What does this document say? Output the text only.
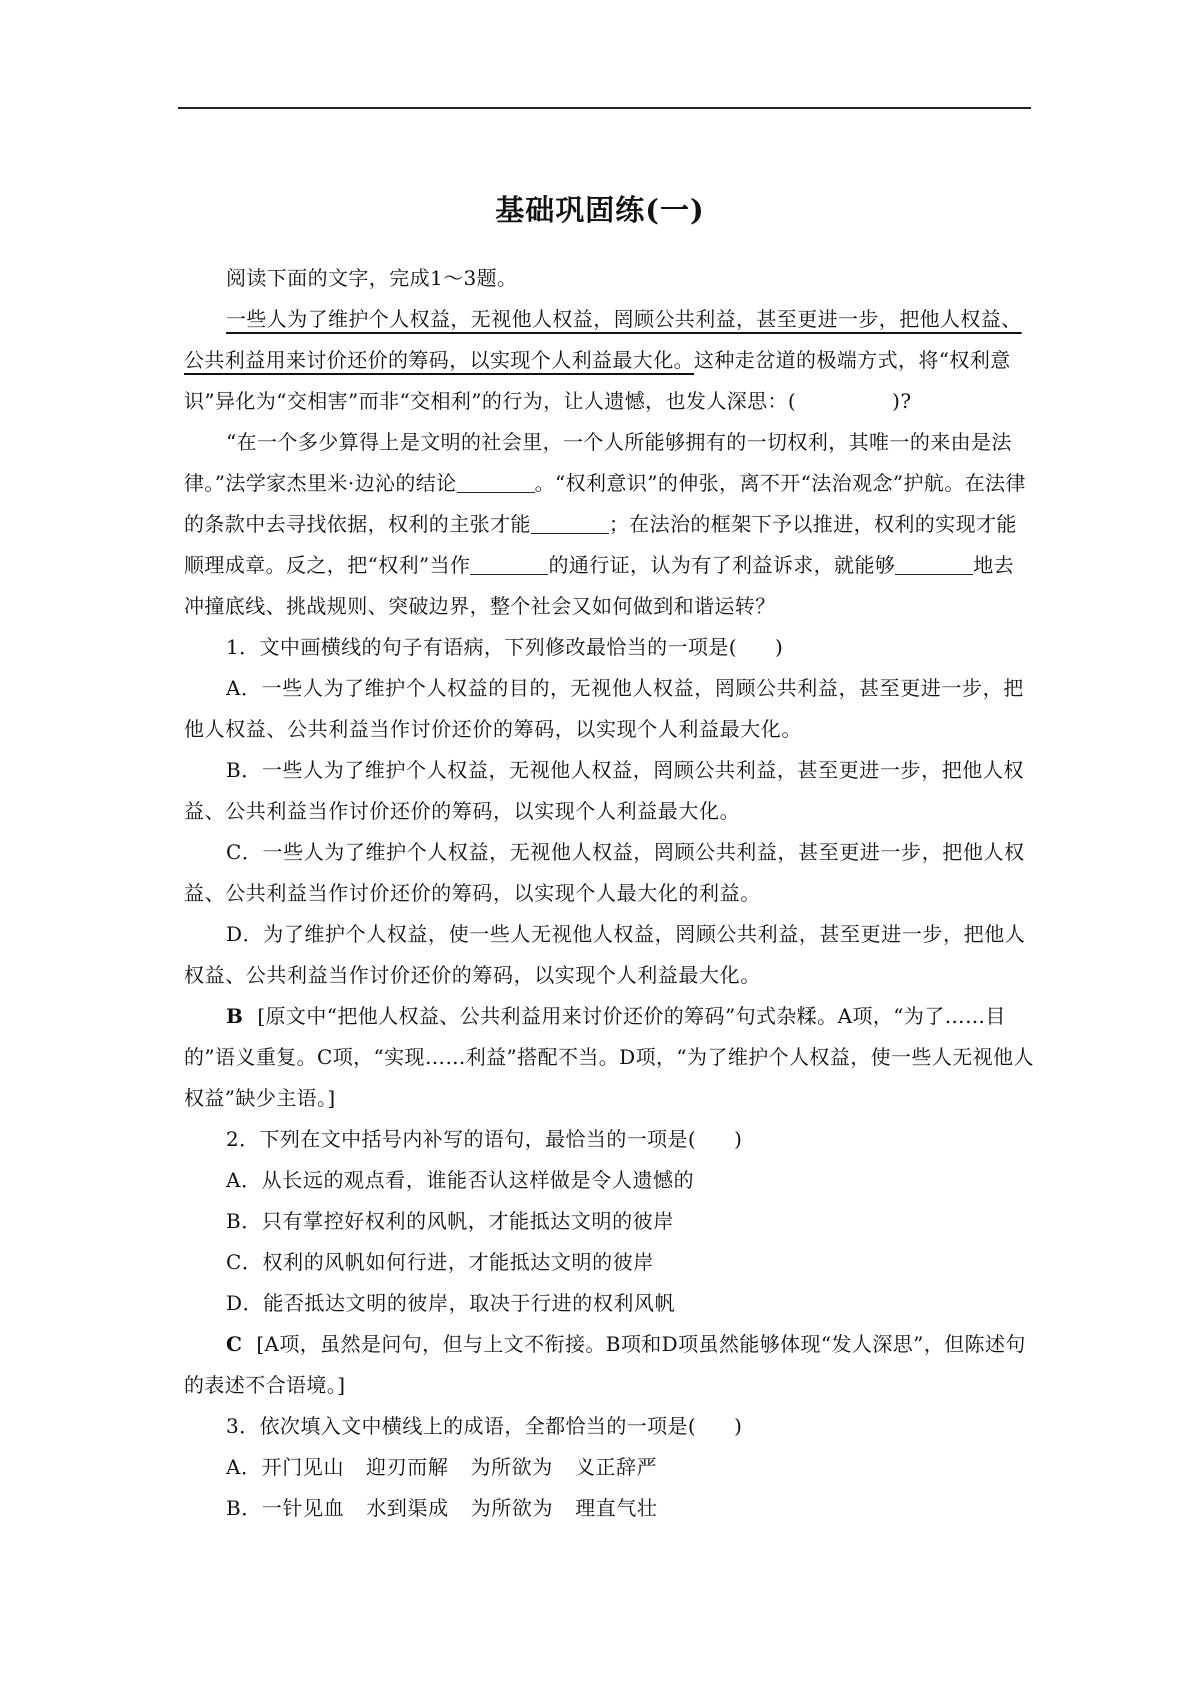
基础巩固练(一)

阅读下面的文字，完成1～3题。

一些人为了维护个人权益，无视他人权益，罔顾公共利益，甚至更进一步，把他人权益、公共利益用来讨价还价的筹码，以实现个人利益最大化。这种走岔道的极端方式，将“权利意识”异化为“交相害”而非“交相利”的行为，让人遗憾，也发人深思：(	)?

“在一个多少算得上是文明的社会里，一个人所能够拥有的一切权利，其唯一的来由是法律。”法学家杰里米·边沁的结论	。“权利意识”的伸张，离不开“法治观念”护航。在法律的条款中去寻找依据，权利的主张才能	；在法治的框架下予以推进，权利的实现才能顺理成章。反之，把“权利”当作	的通行证，认为有了利益诉求，就能够	地去冲撞底线、挑战规则、突破边界，整个社会又如何做到和谐运转？

1．文中画横线的句子有语病，下列修改最恰当的一项是( )

A．一些人为了维护个人权益的目的，无视他人权益，罔顾公共利益，甚至更进一步，把他人权益、公共利益当作讨价还价的筹码，以实现个人利益最大化。

B．一些人为了维护个人权益，无视他人权益，罔顾公共利益，甚至更进一步，把他人权益、公共利益当作讨价还价的筹码，以实现个人利益最大化。

C．一些人为了维护个人权益，无视他人权益，罔顾公共利益，甚至更进一步，把他人权益、公共利益当作讨价还价的筹码，以实现个人最大化的利益。

D．为了维护个人权益，使一些人无视他人权益，罔顾公共利益，甚至更进一步，把他人权益、公共利益当作讨价还价的筹码，以实现个人利益最大化。

B [原文中“把他人权益、公共利益用来讨价还价的筹码”句式杂糅。A项，“为了……目的”语义重复。C项，“实现……利益”搭配不当。D项，“为了维护个人权益，使一些人无视他人权益”缺少主语。]

2．下列在文中括号内补写的语句，最恰当的一项是( )

A．从长远的观点看，谁能否认这样做是令人遗憾的

B．只有掌控好权利的风帆，才能抵达文明的彼岸

C．权利的风帆如何行进，才能抵达文明的彼岸

D．能否抵达文明的彼岸，取决于行进的权利风帆

C [A项，虽然是问句，但与上文不衔接。B项和D项虽然能够体现“发人深思”，但陈述句的表述不合语境。]

3．依次填入文中横线上的成语，全都恰当的一项是( )

A．开门见山 迎刃而解 为所欲为 义正辞严

B．一针见血 水到渠成 为所欲为 理直气壮
